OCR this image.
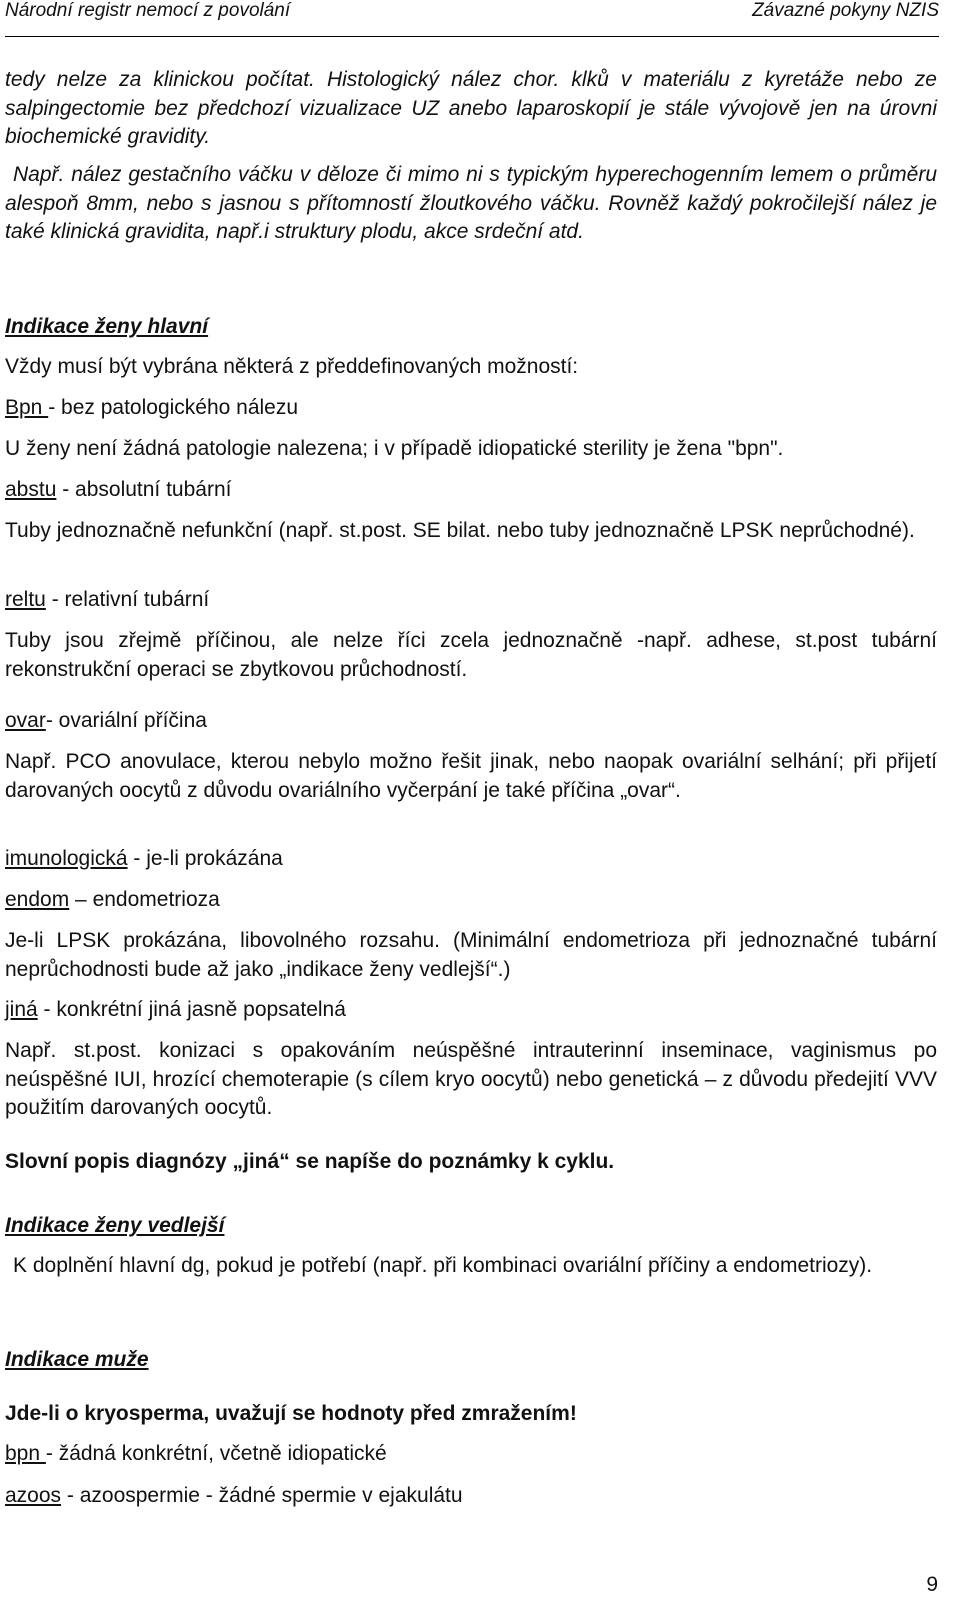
Národní registr nemocí z povolání	Závazné pokyny NZIS

tedy nelze za klinickou počítat. Histologický nález chor. klků v materiálu z kyretáže nebo ze salpingectomie bez předchozí vizualizace UZ anebo laparoskopií je stále vývojově jen na úrovni biochemické gravidity.

Např. nález gestačního váčku v děloze či mimo ni s typickým hyperechogenním lemem o průměru alespoň 8mm, nebo s jasnou s přítomností žloutkového váčku. Rovněž každý pokročilejší nález je také klinická gravidita, např.i struktury plodu, akce srdeční atd.

Indikace ženy hlavní

Vždy musí být vybrána některá z předdefinovaných možností:

Bpn - bez patologického nálezu

U ženy není žádná patologie nalezena; i v případě idiopatické sterility je žena "bpn".

abstu - absolutní tubární

Tuby jednoznačně nefunkční (např. st.post. SE bilat. nebo tuby jednoznačně LPSK neprůchodné).

reltu - relativní tubární

Tuby jsou zřejmě příčinou, ale nelze říci zcela jednoznačně -např. adhese, st.post tubární rekonstrukční operaci se zbytkovou průchodností.

ovar- ovariální příčina

Např. PCO anovulace, kterou nebylo možno řešit jinak, nebo naopak ovariální selhání; při přijetí darovaných oocytů z důvodu ovariálního vyčerpání je také příčina „ovar“.

imunologická - je-li prokázána

endom – endometrioza

Je-li LPSK prokázána, libovolného rozsahu. (Minimální endometrioza při jednoznačné tubární neprůchodnosti bude až jako „indikace ženy vedlejší“.)

jiná - konkrétní jiná jasně popsatelná

Např. st.post. konizaci s opakováním neúspěšné intrauterinní inseminace, vaginismus po neúspěšné IUI, hrozící chemoterapie (s cílem kryo oocytů) nebo genetická – z důvodu předejití VVV použitím darovaných oocytů.

Slovní popis diagnózy „jiná“ se napíše do poznámky k cyklu.

Indikace ženy vedlejší

K doplnění hlavní dg, pokud je potřebí (např. při kombinaci ovariální příčiny a endometriozy).

Indikace muže

Jde-li o kryosperma, uvažují se hodnoty před zmražením!

bpn - žádná konkrétní, včetně idiopatické

azoos - azoospermie - žádné spermie v ejakulátu

9
